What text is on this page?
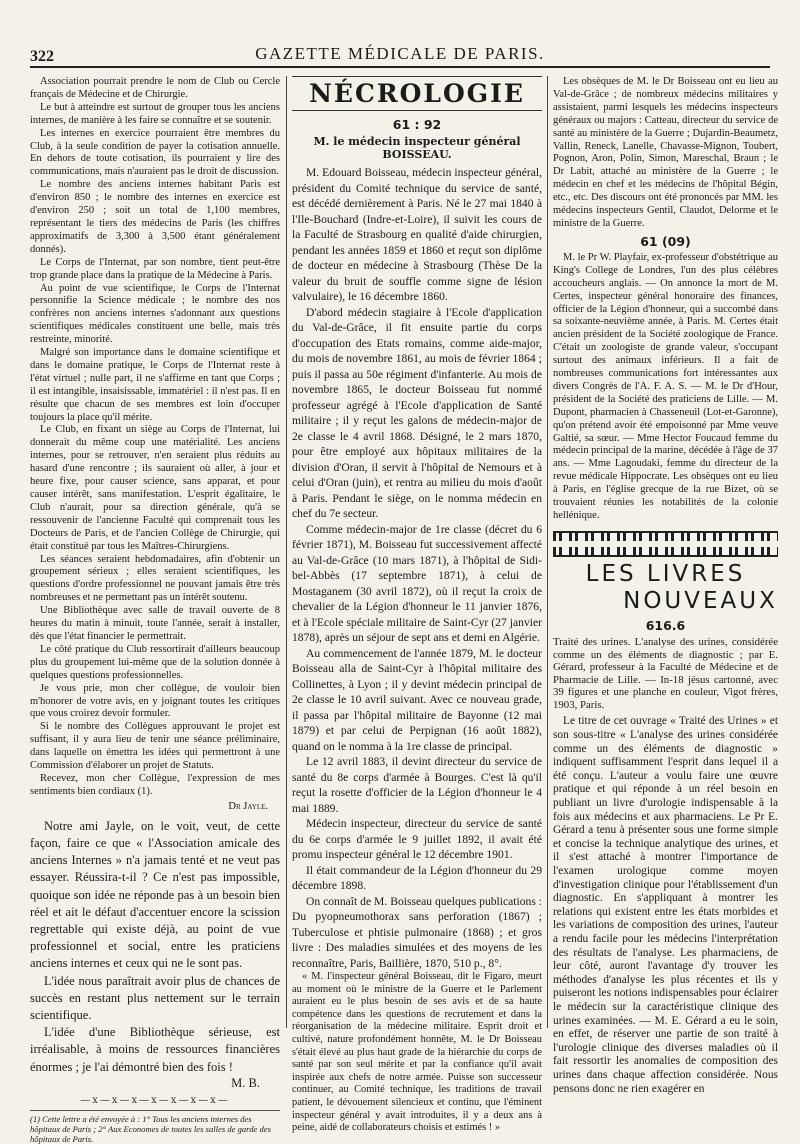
322	GAZETTE MÉDICALE DE PARIS.

Association pourrait prendre le nom de Club ou Cercle français de Médecine et de Chirurgie.

Le but à atteindre est surtout de grouper tous les anciens internes, de manière à les faire se connaître et se soutenir.

Les internes en exercice pourraient être membres du Club, à la seule condition de payer la cotisation annuelle. En dehors de toute cotisation, ils pourraient y lire des communications, mais n'auraient pas le droit de discussion.

Le nombre des anciens internes habitant Paris est d'environ 850 ; le nombre des internes en exercice est d'environ 250 ; soit un total de 1,100 membres, représentant le tiers des médecins de Paris (les chiffres approximatifs de 3,300 à 3,500 étant généralement donnés).

Le Corps de l'Internat, par son nombre, tient peut-être trop grande place dans la pratique de la Médecine à Paris.

Au point de vue scientifique, le Corps de l'Internat personnifie la Science médicale ; le nombre des nos confrères non anciens internes s'adonnant aux questions scientifiques médicales constituent une belle, mais très restreinte, minorité.

Malgré son importance dans le domaine scientifique et dans le domaine pratique, le Corps de l'Internat reste à l'état virtuel ; nulle part, il ne s'affirme en tant que Corps ; il est intangible, insaisissable, immatériel : il n'est pas. Il en résulte que chacun de ses membres est loin d'occuper toujours la place qu'il mérite.

Le Club, en fixant un siège au Corps de l'Internat, lui donnerait du même coup une matérialité. Les anciens internes, pour se retrouver, n'en seraient plus réduits au hasard d'une rencontre ; ils sauraient où aller, à jour et heure fixe, pour causer science, sans apparat, et pour causer intérêt, sans manifestation. L'esprit égalitaire, le Club n'aurait, pour sa direction générale, qu'à se ressouvenir de l'ancienne Faculté qui comprenait tous les Docteurs de Paris, et de l'ancien Collège de Chirurgie, qui était constitué par tous les Maîtres-Chirurgiens.

Les séances seraient hebdomadaires, afin d'obtenir un groupement sérieux ; elles seraient scientifiques, les questions d'ordre professionnel ne pouvant jamais être très nombreuses et ne permettant pas un intérêt soutenu.

Une Bibliothèque avec salle de travail ouverte de 8 heures du matin à minuit, toute l'année, serait à installer, dès que l'état financier le permettrait.

Le côté pratique du Club ressortirait d'ailleurs beaucoup plus du groupement lui-même que de la solution donnée à quelques questions professionnelles.

Je vous prie, mon cher collègue, de vouloir bien m'honorer de votre avis, en y joignant toutes les critiques que vous croirez devoir formuler.

Si le nombre des Collègues approuvant le projet est suffisant, il y aura lieu de tenir une séance préliminaire, dans laquelle on émettra les idées qui permettront à une Commission d'élaborer un projet de Statuts.

Recevez, mon cher Collègue, l'expression de mes sentiments bien cordiaux (1).

Dr Jayle.

Notre ami Jayle, on le voit, veut, de cette façon, faire ce que « l'Association amicale des anciens Internes » n'a jamais tenté et ne veut pas essayer. Réussira-t-il ? Ce n'est pas impossible, quoique son idée ne réponde pas à un besoin bien réel et ait le défaut d'accentuer encore la scission regrettable qui existe déjà, au point de vue professionnel et social, entre les praticiens anciens internes et ceux qui ne le sont pas.

L'idée nous paraîtrait avoir plus de chances de succès en restant plus nettement sur le terrain scientifique.

L'idée d'une Bibliothèque sérieuse, est irréalisable, à moins de ressources financières énormes ; je l'ai démontré bien des fois !

M. B.
—x—x—x—x—x—x—x—
(1) Cette lettre a été envoyée à : 1° Tous les anciens internes des hôpitaux de Paris ; 2° Aux Economes de toutes les salles de garde des hôpitaux de Paris.
NÉCROLOGIE
61 : 92
M. le médecin inspecteur général BOISSEAU.

M. Edouard Boisseau, médecin inspecteur général, président du Comité technique du service de santé, est décédé dernièrement à Paris. Né le 27 mai 1840 à l'Ile-Bouchard (Indre-et-Loire), il suivit les cours de la Faculté de Strasbourg en qualité d'aide chirurgien, pendant les années 1859 et 1860 et reçut son diplôme de docteur en médecine à Strasbourg (Thèse De la valeur du bruit de souffle comme signe de lésion valvulaire), le 16 décembre 1860.

D'abord médecin stagiaire à l'Ecole d'application du Val-de-Grâce, il fit ensuite partie du corps d'occupation des Etats romains, comme aide-major, du mois de novembre 1861, au mois de février 1864 ; puis il passa au 50e régiment d'infanterie. Au mois de novembre 1865, le docteur Boisseau fut nommé professeur agrégé à l'Ecole d'application de Santé militaire ; il y reçut les galons de médecin-major de 2e classe le 4 avril 1868. Désigné, le 2 mars 1870, pour être employé aux hôpitaux militaires de la division d'Oran, il servit à l'hôpital de Nemours et à celui d'Oran (juin), et rentra au milieu du mois d'août à Paris. Pendant le siège, on le nomma médecin en chef du 7e secteur.

Comme médecin-major de 1re classe (décret du 6 février 1871), M. Boisseau fut successivement affecté au Val-de-Grâce (10 mars 1871), à l'hôpital de Sidi-bel-Abbès (17 septembre 1871), à celui de Mostaganem (30 avril 1872), où il reçut la croix de chevalier de la Légion d'honneur le 11 janvier 1876, et à l'Ecole spéciale militaire de Saint-Cyr (27 janvier 1878), après un séjour de sept ans et demi en Algérie.

Au commencement de l'année 1879, M. le docteur Boisseau alla de Saint-Cyr à l'hôpital militaire des Collinettes, à Lyon ; il y devint médecin principal de 2e classe le 10 avril suivant. Avec ce nouveau grade, il passa par l'hôpital militaire de Bayonne (12 mai 1879) et par celui de Perpignan (16 août 1882), quand on le nomma à la 1re classe de principal.

Le 12 avril 1883, il devint directeur du service de santé du 8e corps d'armée à Bourges. C'est là qu'il reçut la rosette d'officier de la Légion d'honneur le 4 mai 1889.

Médecin inspecteur, directeur du service de santé du 6e corps d'armée le 9 juillet 1892, il avait été promu inspecteur général le 12 décembre 1901.

Il était commandeur de la Légion d'honneur du 29 décembre 1898.

On connaît de M. Boisseau quelques publications : Du pyopneumothorax sans perforation (1867) ; Tuberculose et phtisie pulmonaire (1868) ; et gros livre : Des maladies simulées et des moyens de les reconnaître, Paris, Baillière, 1870, 510 p., 8°.

« M. l'inspecteur général Boisseau, dit le Figaro, meurt au moment où le ministre de la Guerre et le Parlement auraient eu le plus besoin de ses avis et de sa haute compétence dans les questions de recrutement et dans la réorganisation de la médecine militaire. Esprit droit et cultivé, nature profondément honnête, M. le Dr Boisseau s'était élevé au plus haut grade de la hiérarchie du corps de santé par son seul mérite et par la confiance qu'il avait inspirée aux chefs de notre armée. Puisse son successeur continuer, au Comité technique, les traditions de travail patient, le dévouement silencieux et continu, que l'éminent inspecteur général y avait introduites, il y a deux ans à peine, aidé de collaborateurs choisis et estimés ! »

Les obsèques de M. le Dr Boisseau ont eu lieu au Val-de-Grâce ; de nombreux médecins militaires y assistaient, parmi lesquels les médecins inspecteurs généraux ou majors : Catteau, directeur du service de santé au ministère de la Guerre ; Dujardin-Beaumetz, Vallin, Reneck, Lanelle, Chavasse-Mignon, Toubert, Pognon, Aron, Polin, Simon, Mareschal, Braun ; le Dr Labit, attaché au ministère de la Guerre ; le médecin en chef et les médecins de l'hôpital Bégin, etc., etc. Des discours ont été prononcés par MM. les médecins inspecteurs Gentil, Claudot, Delorme et le ministre de la Guerre.

61 (09)

M. le Pr W. Playfair, ex-professeur d'obstétrique au King's College de Londres, l'un des plus célèbres accoucheurs anglais. — On annonce la mort de M. Certes, inspecteur général honoraire des finances, officier de la Légion d'honneur, qui a succombé dans sa soixante-neuvième année, à Paris. M. Certes était ancien président de la Société zoologique de France. C'était un zoologiste de grande valeur, s'occupant surtout des animaux inférieurs. Il a fait de nombreuses communications fort intéressantes aux divers Congrès de l'A. F. A. S. — M. le Dr d'Hour, président de la Société des praticiens de Lille. — M. Dupont, pharmacien à Chasseneuil (Lot-et-Garonne), qu'on prétend avoir été empoisonné par Mme veuve Galtié, sa sœur. — Mme Hector Foucaud femme du médecin principal de la marine, décédée à l'âge de 37 ans. — Mme Lagoudaki, femme du directeur de la revue médicale Hippocrate. Les obsèques ont eu lieu à Paris, en l'église grecque de la rue Bizet, où se trouvaient réunies les notabilités de la colonie hellénique.

LES LIVRES
NOUVEAUX
616.6
Traité des urines. L'analyse des urines, considérée comme un des éléments de diagnostic ; par E. Gérard, professeur à la Faculté de Médecine et de Pharmacie de Lille. — In-18 jésus cartonné, avec 39 figures et une planche en couleur, Vigot frères, 1903, Paris.

Le titre de cet ouvrage « Traité des Urines » et son sous-titre « L'analyse des urines considérée comme un des éléments de diagnostic » indiquent suffisamment l'esprit dans lequel il a été conçu. L'auteur a voulu faire une œuvre pratique et qui réponde à un réel besoin en publiant un livre d'urologie indispensable à la fois aux médecins et aux pharmaciens. Le Pr E. Gérard a tenu à présenter sous une forme simple et concise la technique analytique des urines, et il s'est attaché à montrer l'importance de l'examen urologique comme moyen d'investigation clinique pour l'établissement d'un diagnostic. En s'appliquant à montrer les relations qui existent entre les états morbides et les variations de composition des urines, l'auteur a rendu facile pour les médecins l'interprétation des résultats de l'analyse. Les pharmaciens, de leur côté, auront l'avantage d'y trouver les méthodes d'analyse les plus récentes et ils y puiseront les notions indispensables pour éclairer le médecin sur la caractéristique clinique des urines examinées. — M. E. Gérard a eu le soin, en effet, de réserver une partie de son traité à l'urologie clinique des diverses maladies où il fait ressortir les anomalies de composition des urines dans chaque affection considérée. Nous pensons donc ne rien exagérer en
